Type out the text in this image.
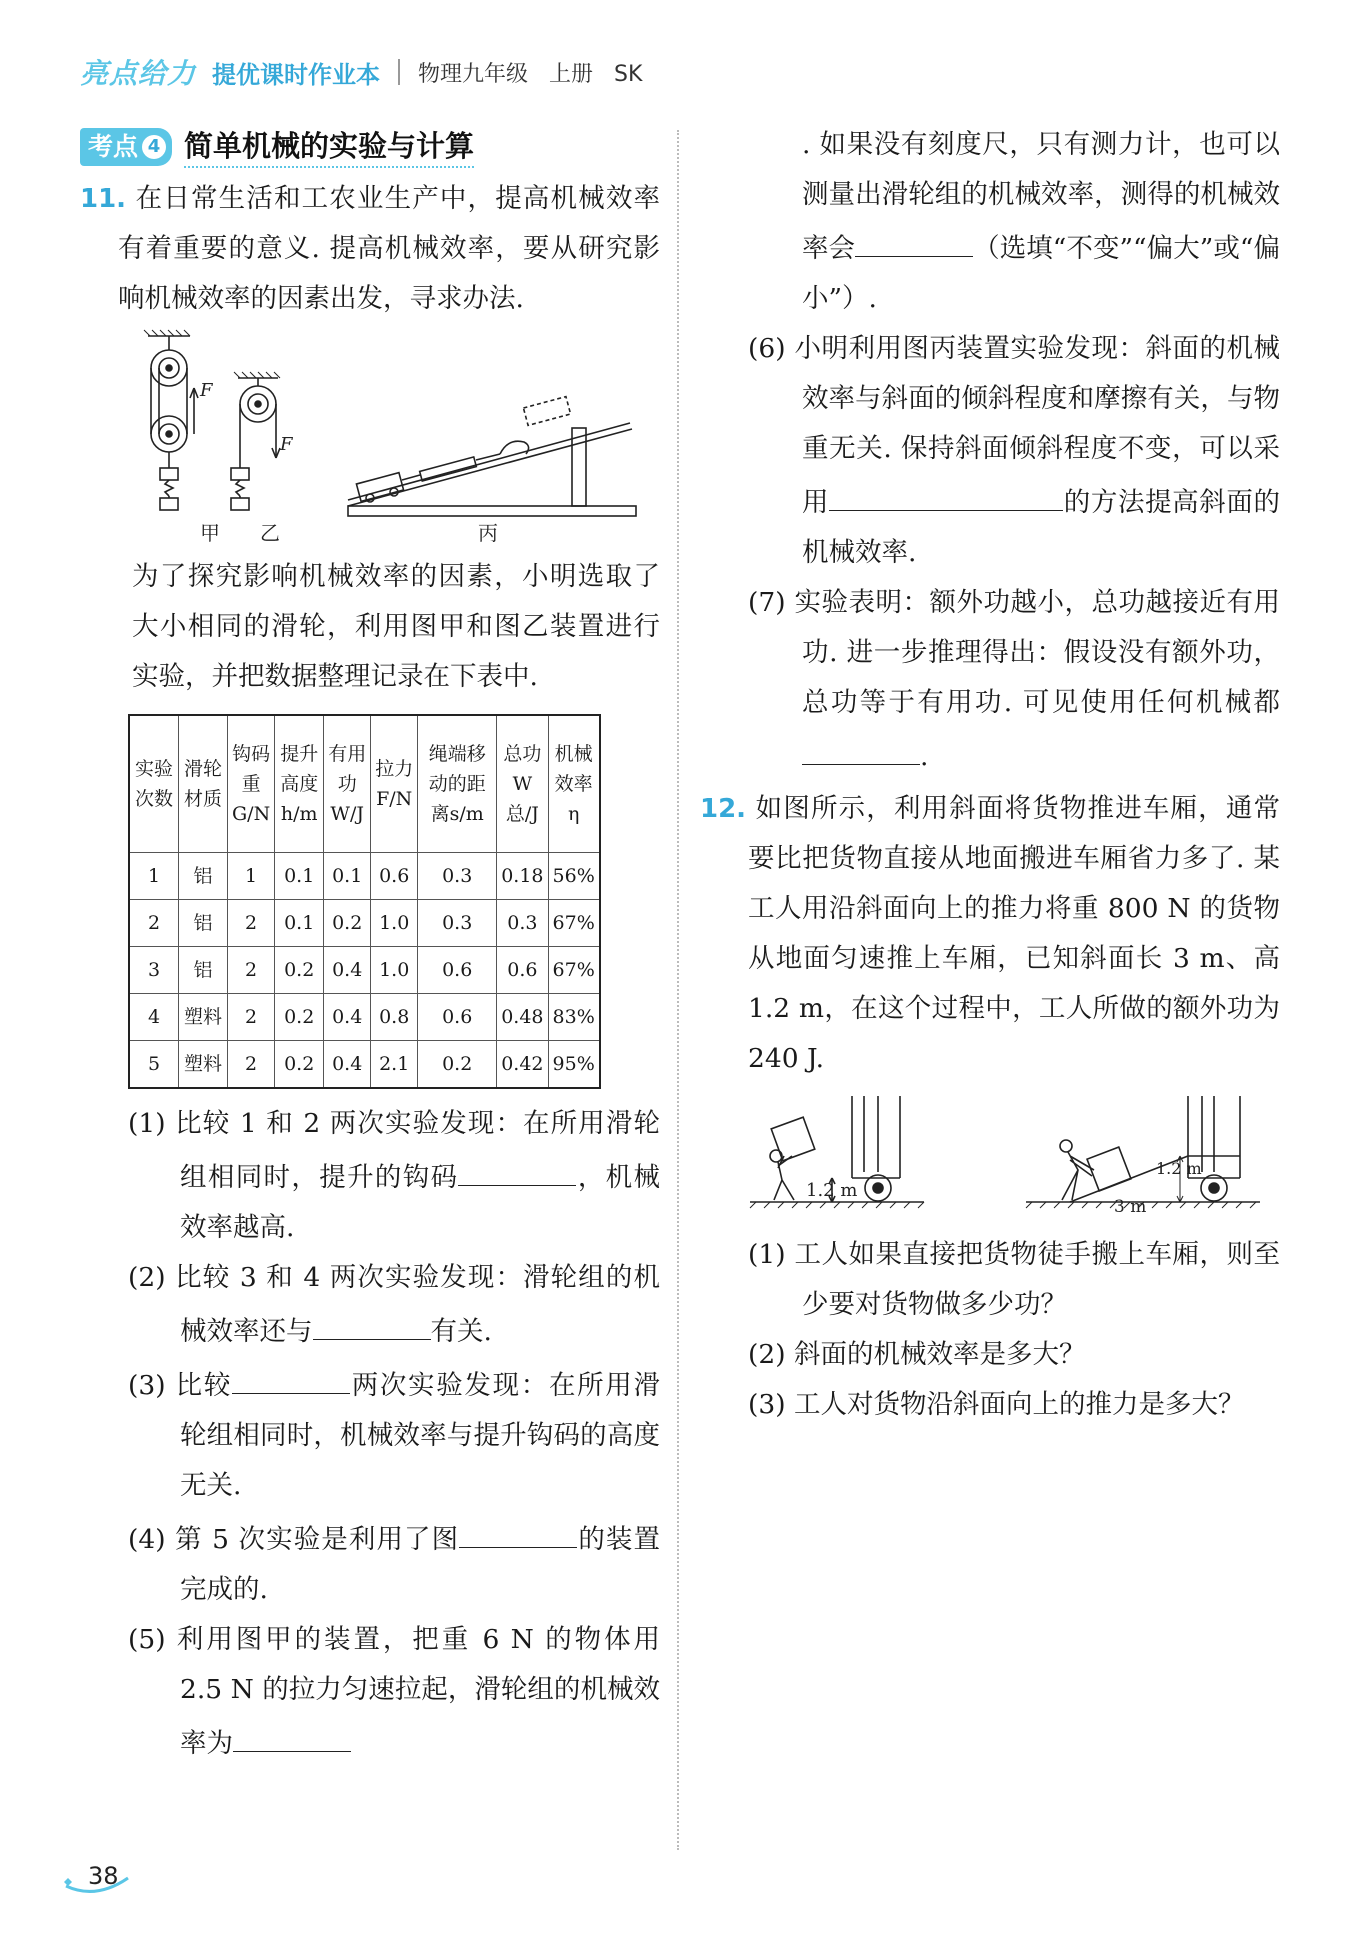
亮点给力 提优课时作业本 物理九年级 上册 SK
考点 4 简单机械的实验与计算
11. 在日常生活和工农业生产中，提高机械效率有着重要的意义. 提高机械效率，要从研究影响机械效率的因素出发，寻求办法.
F
F
甲 乙	丙
为了探究影响机械效率的因素，小明选取了大小相同的滑轮，利用图甲和图乙装置进行实验，并把数据整理记录在下表中.
实验次数	滑轮材质	钩码重G/N	提升高度h/m	有用功W/J	拉力F/N	绳端移动的距离s/m	总功W总/J	机械效率η
1	铝	1	0.1	0.1	0.6	0.3	0.18	56%
2	铝	2	0.1	0.2	1.0	0.3	0.3	67%
3	铝	2	0.2	0.4	1.0	0.6	0.6	67%
4	塑料	2	0.2	0.4	0.8	0.6	0.48	83%
5	塑料	2	0.2	0.4	2.1	0.2	0.42	95%
(1) 比较 1 和 2 两次实验发现：在所用滑轮组相同时，提升的钩码	，机械效率越高.
(2) 比较 3 和 4 两次实验发现：滑轮组的机械效率还与	有关.
(3) 比较	两次实验发现：在所用滑轮组相同时，机械效率与提升钩码的高度无关.
(4) 第 5 次实验是利用了图	的装置完成的.
(5) 利用图甲的装置，把重 6 N 的物体用 2.5 N 的拉力匀速拉起，滑轮组的机械效率为
. 如果没有刻度尺，只有测力计，也可以测量出滑轮组的机械效率，测得的机械效率会	（选填“不变”“偏大”或“偏小”）.
(6) 小明利用图丙装置实验发现：斜面的机械效率与斜面的倾斜程度和摩擦有关，与物重无关. 保持斜面倾斜程度不变，可以采用	的方法提高斜面的机械效率.
(7) 实验表明：额外功越小，总功越接近有用功. 进一步推理得出：假设没有额外功，总功等于有用功. 可见使用任何机械都.
12. 如图所示，利用斜面将货物推进车厢，通常要比把货物直接从地面搬进车厢省力多了. 某工人用沿斜面向上的推力将重 800 N 的货物从地面匀速推上车厢，已知斜面长 3 m、高 1.2 m，在这个过程中，工人所做的额外功为 240 J.
1.2 m
1.2 m
3 m
(1) 工人如果直接把货物徒手搬上车厢，则至少要对货物做多少功？
(2) 斜面的机械效率是多大？
(3) 工人对货物沿斜面向上的推力是多大？
38
